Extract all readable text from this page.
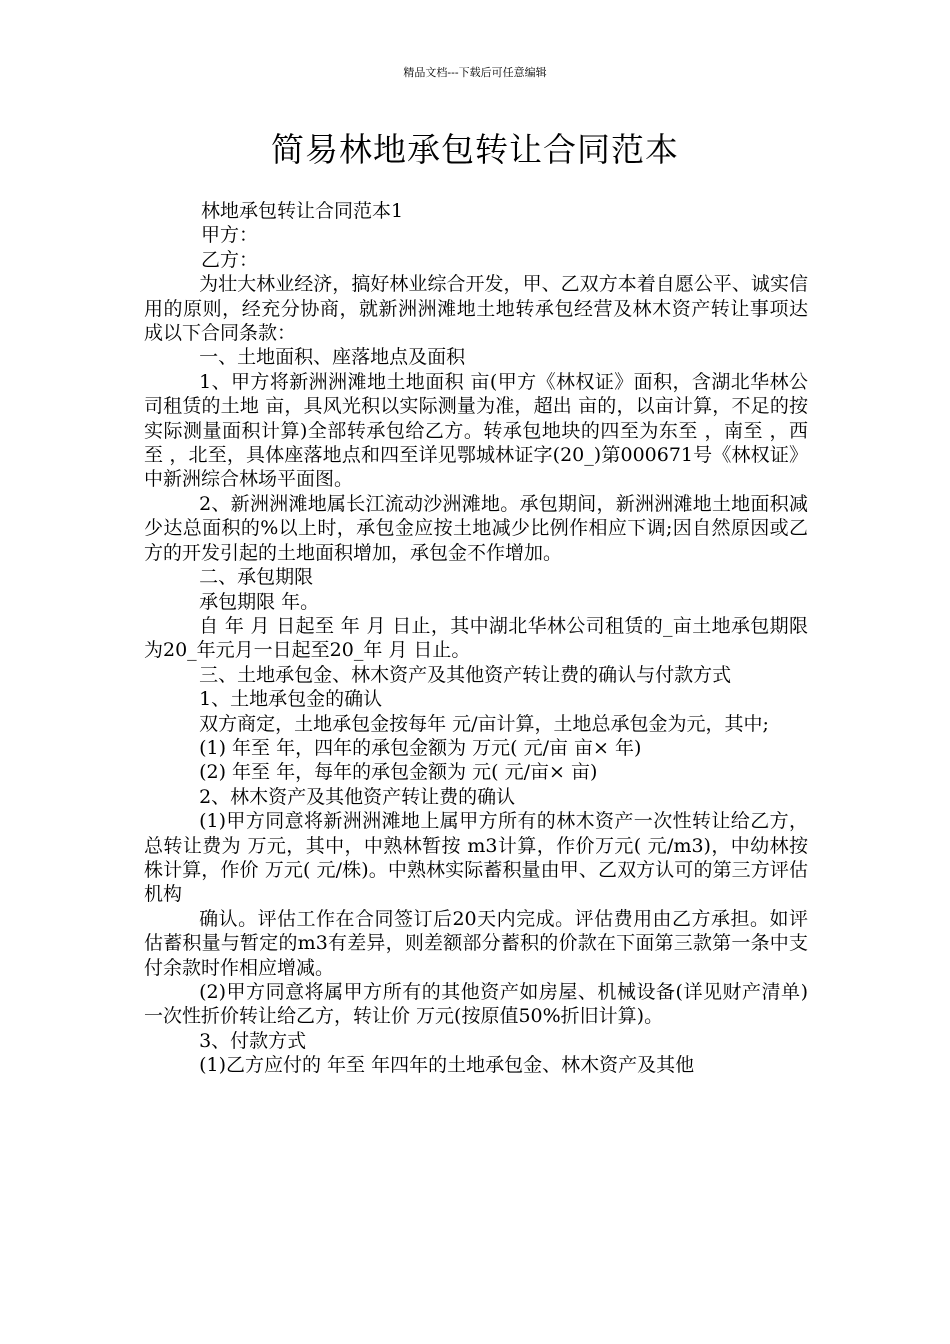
精品文档---下载后可任意编辑
简易林地承包转让合同范本

林地承包转让合同范本1

甲方：

乙方：

为壮大林业经济，搞好林业综合开发，甲、乙双方本着自愿公平、诚实信用的原则，经充分协商，就新洲洲滩地土地转承包经营及林木资产转让事项达成以下合同条款：

一、土地面积、座落地点及面积

1、甲方将新洲洲滩地土地面积 亩(甲方《林权证》面积，含湖北华林公司租赁的土地 亩，具风光积以实际测量为准，超出 亩的，以亩计算，不足的按实际测量面积计算)全部转承包给乙方。转承包地块的四至为东至 ，南至 ，西至 ，北至，具体座落地点和四至详见鄂城林证字(20_)第000671号《林权证》中新洲综合林场平面图。

2、新洲洲滩地属长江流动沙洲滩地。承包期间，新洲洲滩地土地面积减少达总面积的%以上时，承包金应按土地减少比例作相应下调;因自然原因或乙方的开发引起的土地面积增加，承包金不作增加。

二、承包期限

承包期限 年。

自 年 月 日起至 年 月 日止，其中湖北华林公司租赁的_亩土地承包期限为20_年元月一日起至20_年 月 日止。

三、土地承包金、林木资产及其他资产转让费的确认与付款方式

1、土地承包金的确认

双方商定，土地承包金按每年 元/亩计算，土地总承包金为元，其中;

(1) 年至 年，四年的承包金额为 万元( 元/亩 亩× 年)

(2) 年至 年，每年的承包金额为 元( 元/亩× 亩)

2、林木资产及其他资产转让费的确认

(1)甲方同意将新洲洲滩地上属甲方所有的林木资产一次性转让给乙方，总转让费为 万元，其中，中熟林暂按 m3计算，作价万元( 元/m3)，中幼林按株计算，作价 万元( 元/株)。中熟林实际蓄积量由甲、乙双方认可的第三方评估机构

确认。评估工作在合同签订后20天内完成。评估费用由乙方承担。如评估蓄积量与暂定的m3有差异，则差额部分蓄积的价款在下面第三款第一条中支付余款时作相应增减。

(2)甲方同意将属甲方所有的其他资产如房屋、机械设备(详见财产清单)一次性折价转让给乙方，转让价 万元(按原值50%折旧计算)。

3、付款方式

(1)乙方应付的 年至 年四年的土地承包金、林木资产及其他
